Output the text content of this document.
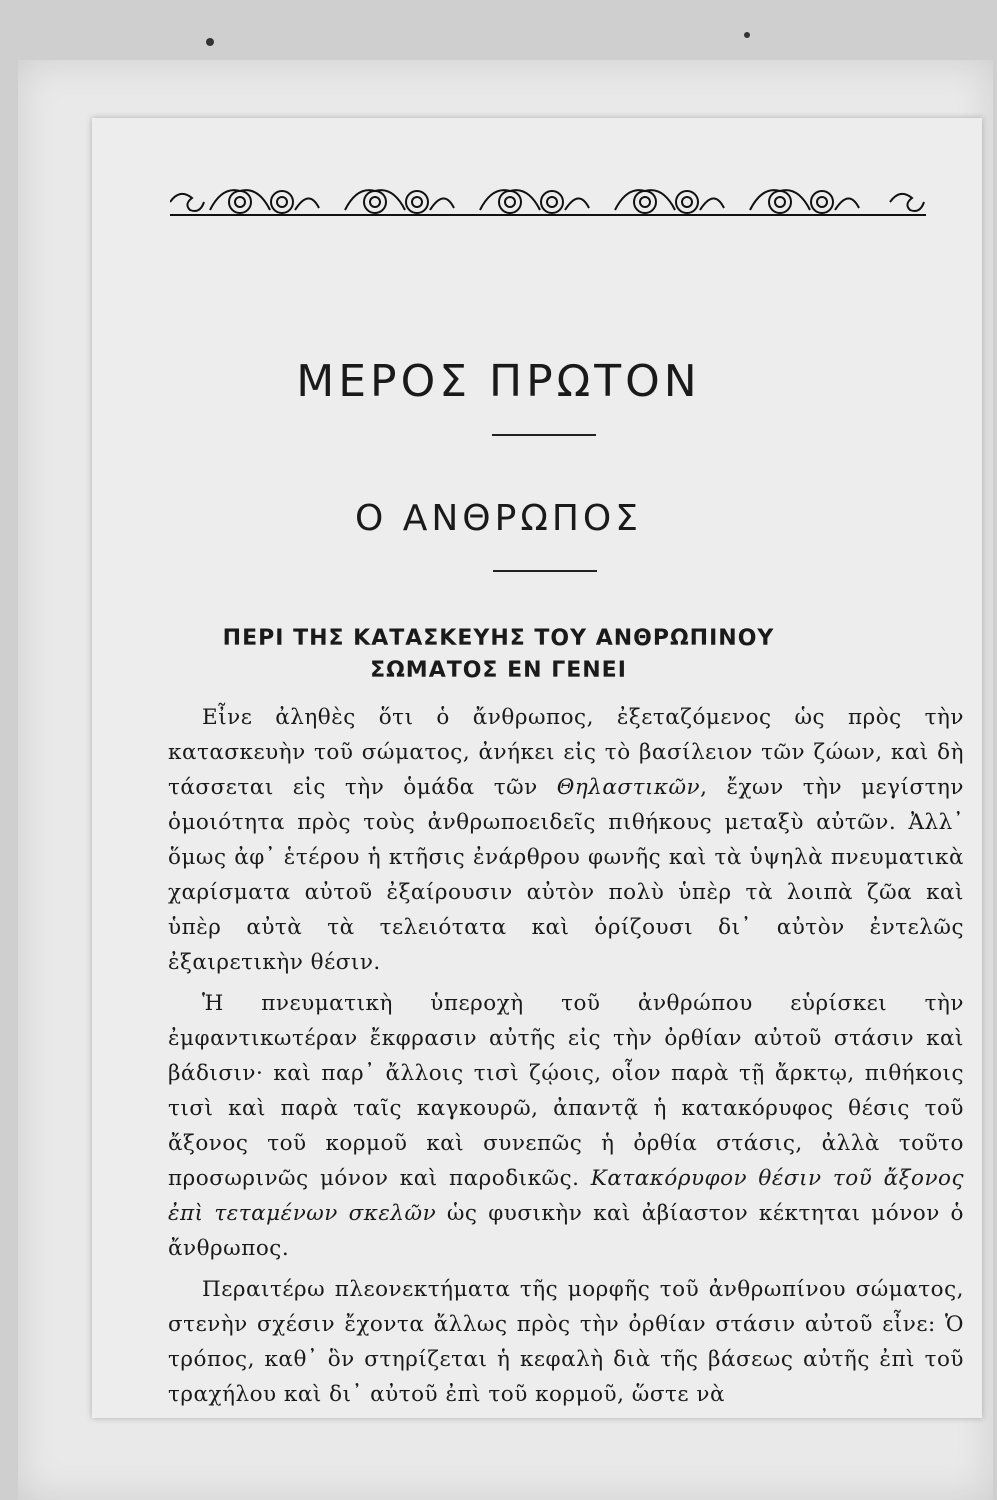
ΜΕΡΟΣ ΠΡΩΤΟΝ
Ο ΑΝΘΡΩΠΟΣ
ΠΕΡΙ ΤΗΣ ΚΑΤΑΣΚΕΥΗΣ ΤΟΥ ΑΝΘΡΩΠΙΝΟΥ
ΣΩΜΑΤΟΣ ΕΝ ΓΕΝΕΙ

Εἶνε ἀληθὲς ὅτι ὁ ἄνθρωπος, ἐξεταζόμενος ὡς πρὸς τὴν κατασκευὴν τοῦ σώματος, ἀνήκει εἰς τὸ βασίλειον τῶν ζώων, καὶ δὴ τάσσεται εἰς τὴν ὁμάδα τῶν Θηλαστικῶν, ἔχων τὴν μεγίστην ὁμοιότητα πρὸς τοὺς ἀνθρωποειδεῖς πιθήκους μεταξὺ αὐτῶν. Ἀλλ᾽ ὅμως ἀφ᾽ ἑτέρου ἡ κτῆσις ἐνάρθρου φωνῆς καὶ τὰ ὑψηλὰ πνευματικὰ χαρίσματα αὐτοῦ ἐξαίρουσιν αὐτὸν πολὺ ὑπὲρ τὰ λοιπὰ ζῶα καὶ ὑπὲρ αὐτὰ τὰ τελειότατα καὶ ὁρίζουσι δι᾽ αὐτὸν ἐντελῶς ἐξαιρετικὴν θέσιν.

Ἡ πνευματικὴ ὑπεροχὴ τοῦ ἀνθρώπου εὑρίσκει τὴν ἐμφαντικωτέραν ἔκφρασιν αὐτῆς εἰς τὴν ὀρθίαν αὐτοῦ στάσιν καὶ βάδισιν· καὶ παρ᾽ ἄλλοις τισὶ ζῴοις, οἷον παρὰ τῇ ἄρκτῳ, πιθήκοις τισὶ καὶ παρὰ ταῖς καγκουρῶ, ἀπαντᾷ ἡ κατακόρυφος θέσις τοῦ ἄξονος τοῦ κορμοῦ καὶ συνεπῶς ἡ ὀρθία στάσις, ἀλλὰ τοῦτο προσωρινῶς μόνον καὶ παροδικῶς. Κατακόρυφον θέσιν τοῦ ἄξονος ἐπὶ τεταμένων σκελῶν ὡς φυσικὴν καὶ ἀβίαστον κέκτηται μόνον ὁ ἄνθρωπος.

Περαιτέρω πλεονεκτήματα τῆς μορφῆς τοῦ ἀνθρωπίνου σώματος, στενὴν σχέσιν ἔχοντα ἄλλως πρὸς τὴν ὀρθίαν στάσιν αὐτοῦ εἶνε: Ὁ τρόπος, καθ᾽ ὃν στηρίζεται ἡ κεφαλὴ διὰ τῆς βάσεως αὐτῆς ἐπὶ τοῦ τραχήλου καὶ δι᾽ αὐτοῦ ἐπὶ τοῦ κορμοῦ, ὥστε νὰ
